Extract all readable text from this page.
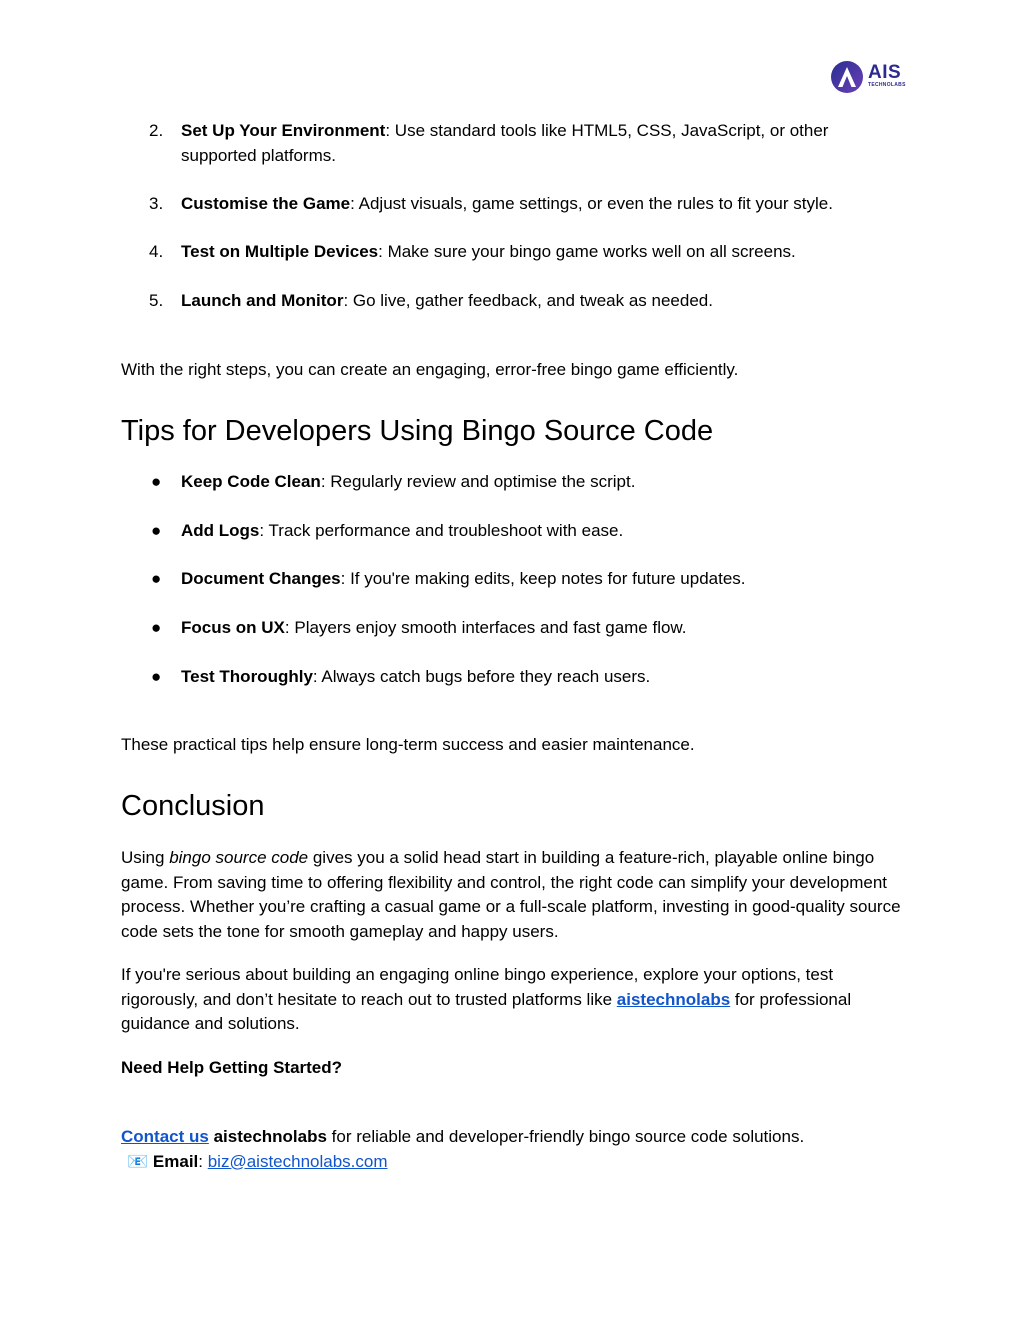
AIS
TECHNOLABS
2.	Set Up Your Environment: Use standard tools like HTML5, CSS, JavaScript, or other supported platforms.
3.	Customise the Game: Adjust visuals, game settings, or even the rules to fit your style.
4.	Test on Multiple Devices: Make sure your bingo game works well on all screens.
5.	Launch and Monitor: Go live, gather feedback, and tweak as needed.
With the right steps, you can create an engaging, error-free bingo game efficiently.
Tips for Developers Using Bingo Source Code
●	Keep Code Clean: Regularly review and optimise the script.
●	Add Logs: Track performance and troubleshoot with ease.
●	Document Changes: If you're making edits, keep notes for future updates.
●	Focus on UX: Players enjoy smooth interfaces and fast game flow.
●	Test Thoroughly: Always catch bugs before they reach users.
These practical tips help ensure long-term success and easier maintenance.
Conclusion
Using bingo source code gives you a solid head start in building a feature-rich, playable online bingo game. From saving time to offering flexibility and control, the right code can simplify your development process. Whether you’re crafting a casual game or a full-scale platform, investing in good-quality source code sets the tone for smooth gameplay and happy users.
If you're serious about building an engaging online bingo experience, explore your options, test rigorously, and don’t hesitate to reach out to trusted platforms like aistechnolabs for professional guidance and solutions.
Need Help Getting Started?
Contact us aistechnolabs for reliable and developer-friendly bingo source code solutions.
📧 Email: biz@aistechnolabs.com
